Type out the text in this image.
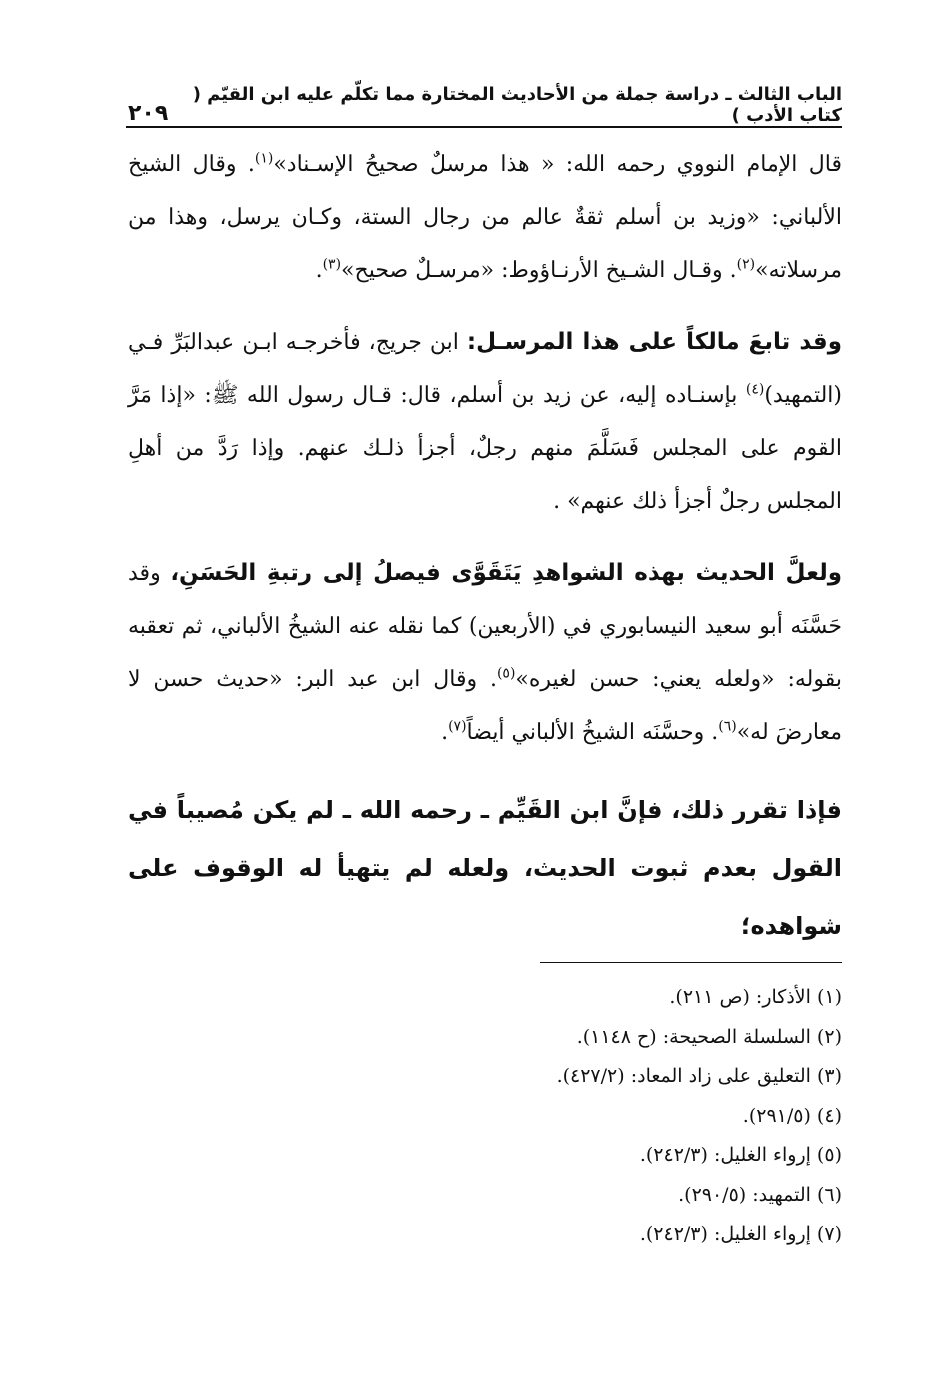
الباب الثالث ـ دراسة جملة من الأحاديث المختارة مما تكلّم عليه ابن القيّم ( كتاب الأدب )
٢٠٩

قال الإمام النووي رحمه الله: « هذا مرسلٌ صحيحُ الإسـناد»$^{(١)}$. وقال الشيخ الألباني: «وزيد بن أسلم ثقةٌ عالم من رجال الستة، وكـان يرسل، وهذا من مرسلاته»$^{(٢)}$. وقـال الشـيخ الأرنـاؤوط: «مرسـلٌ صحيح»$^{(٣)}$.

وقد تابعَ مالكاً على هذا المرسـل: ابن جريج، فأخرجـه ابـن عبدالبَرِّ فـي (التمهيد)$^{(٤)}$ بإسنـاده إليه، عن زيد بن أسلم، قال: قـال رسول الله ﷺ: «إذا مَرَّ القوم على المجلس فَسَلَّمَ منهم رجلٌ، أجزأ ذلـك عنهم. وإذا رَدَّ من أهلِ المجلس رجلٌ أجزأ ذلك عنهم» .

ولعلَّ الحديث بهذه الشواهدِ يَتَقَوَّى فيصلُ إلى رتبةِ الحَسَنِ، وقد حَسَّنَه أبو سعيد النيسابوري في (الأربعين) كما نقله عنه الشيخُ الألباني، ثم تعقبه بقوله: «ولعله يعني: حسن لغيره»$^{(٥)}$. وقال ابن عبد البر: «حديث حسن لا معارضَ له»$^{(٦)}$. وحسَّنَه الشيخُ الألباني أيضاً$^{(٧)}$.

فإذا تقرر ذلك، فإنَّ ابن القَيِّم ـ رحمه الله ـ لم يكن مُصيباً في القول بعدم ثبوت الحديث، ولعله لم يتهيأ له الوقوف على شواهده؛

(١) الأذكار: (ص ٢١١).

(٢) السلسلة الصحيحة: (ح ١١٤٨).

(٣) التعليق على زاد المعاد: (٤٢٧/٢).

(٤) (٢٩١/٥).

(٥) إرواء الغليل: (٢٤٢/٣).

(٦) التمهيد: (٢٩٠/٥).

(٧) إرواء الغليل: (٢٤٢/٣).
